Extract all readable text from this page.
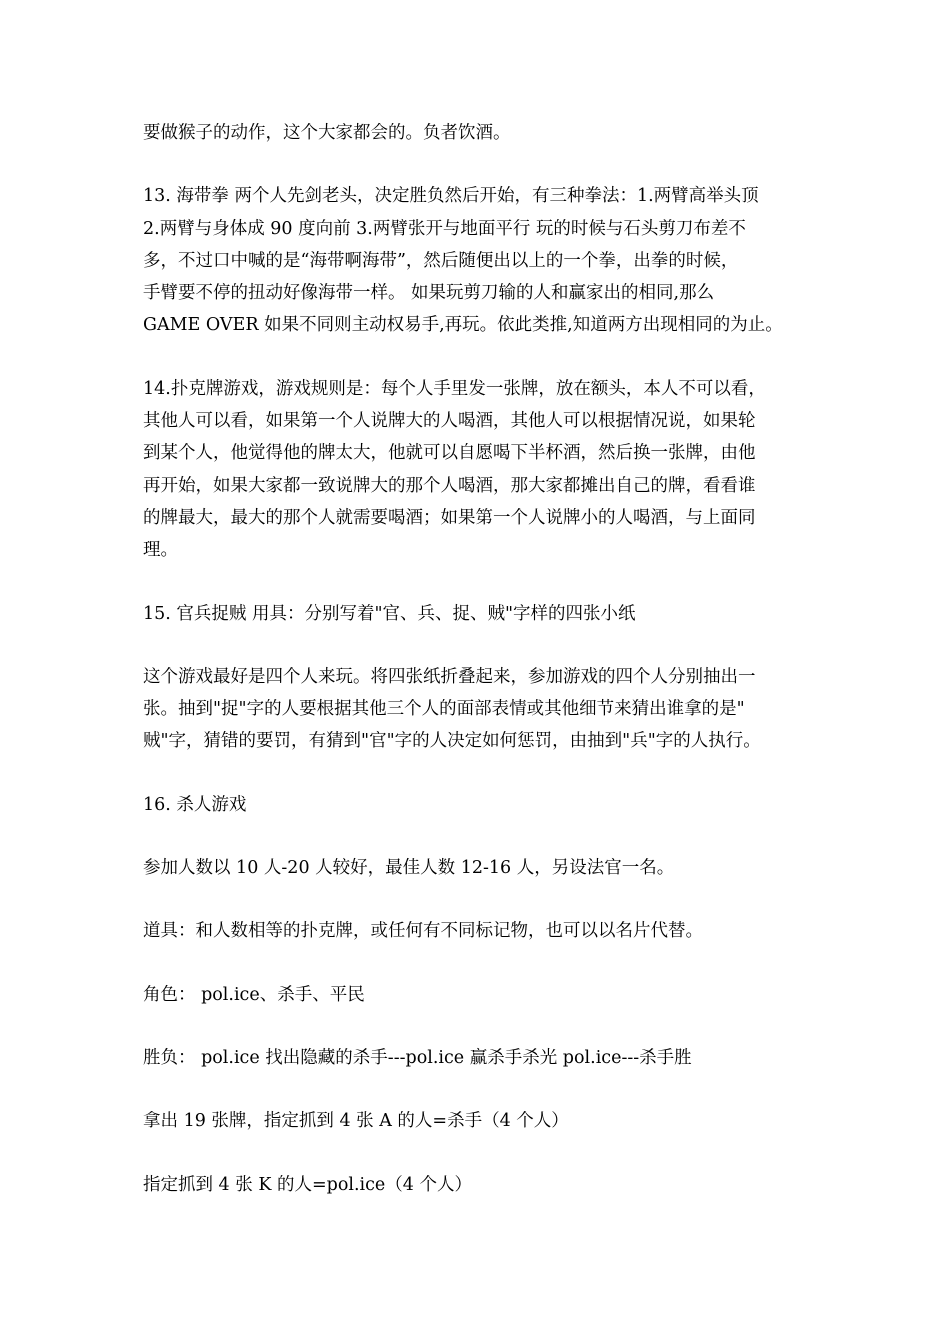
要做猴子的动作，这个大家都会的。负者饮酒。

13. 海带拳 两个人先剑老头，决定胜负然后开始，有三种拳法：1.两臂高举头顶
2.两臂与身体成 90 度向前 3.两臂张开与地面平行 玩的时候与石头剪刀布差不
多，不过口中喊的是“海带啊海带”，然后随便出以上的一个拳，出拳的时候，
手臂要不停的扭动好像海带一样。 如果玩剪刀输的人和赢家出的相同,那么
GAME OVER 如果不同则主动权易手,再玩。依此类推,知道两方出现相同的为止。

14.扑克牌游戏，游戏规则是：每个人手里发一张牌，放在额头，本人不可以看，
其他人可以看，如果第一个人说牌大的人喝酒，其他人可以根据情况说，如果轮
到某个人，他觉得他的牌太大，他就可以自愿喝下半杯酒，然后换一张牌，由他
再开始，如果大家都一致说牌大的那个人喝酒，那大家都摊出自己的牌，看看谁
的牌最大，最大的那个人就需要喝酒；如果第一个人说牌小的人喝酒，与上面同
理。

15. 官兵捉贼 用具：分别写着"官、兵、捉、贼"字样的四张小纸

这个游戏最好是四个人来玩。将四张纸折叠起来，参加游戏的四个人分别抽出一
张。抽到"捉"字的人要根据其他三个人的面部表情或其他细节来猜出谁拿的是"
贼"字，猜错的要罚，有猜到"官"字的人决定如何惩罚，由抽到"兵"字的人执行。

16. 杀人游戏

参加人数以 10 人-20 人较好，最佳人数 12-16 人，另设法官一名。

道具：和人数相等的扑克牌，或任何有不同标记物，也可以以名片代替。

角色： pol.ice、杀手、平民

胜负： pol.ice 找出隐藏的杀手---pol.ice 赢杀手杀光 pol.ice---杀手胜

拿出 19 张牌，指定抓到 4 张 A 的人=杀手（4 个人）

指定抓到 4 张 K 的人=pol.ice（4 个人）
